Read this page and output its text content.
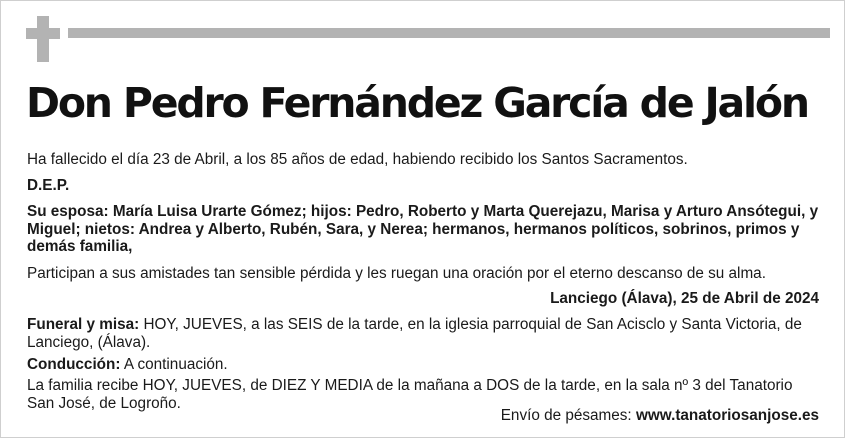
Don Pedro Fernández García de Jalón

Ha fallecido el día 23 de Abril, a los 85 años de edad, habiendo recibido los Santos Sacramentos.

D.E.P.

Su esposa: María Luisa Urarte Gómez; hijos: Pedro, Roberto y Marta Querejazu, Marisa y Arturo Ansótegui, y Miguel; nietos: Andrea y Alberto, Rubén, Sara, y Nerea; hermanos, hermanos políticos, sobrinos, primos y demás familia,

Participan a sus amistades tan sensible pérdida y les ruegan una oración por el eterno descanso de su alma.

Lanciego (Álava), 25 de Abril de 2024

Funeral y misa: HOY, JUEVES, a las SEIS de la tarde, en la iglesia parroquial de San Acisclo y Santa Victoria, de Lanciego, (Álava).

Conducción: A continuación.

La familia recibe HOY, JUEVES, de DIEZ Y MEDIA de la mañana a DOS de la tarde, en la sala nº 3 del Tanatorio San José, de Logroño.

Envío de pésames: www.tanatoriosanjose.es
